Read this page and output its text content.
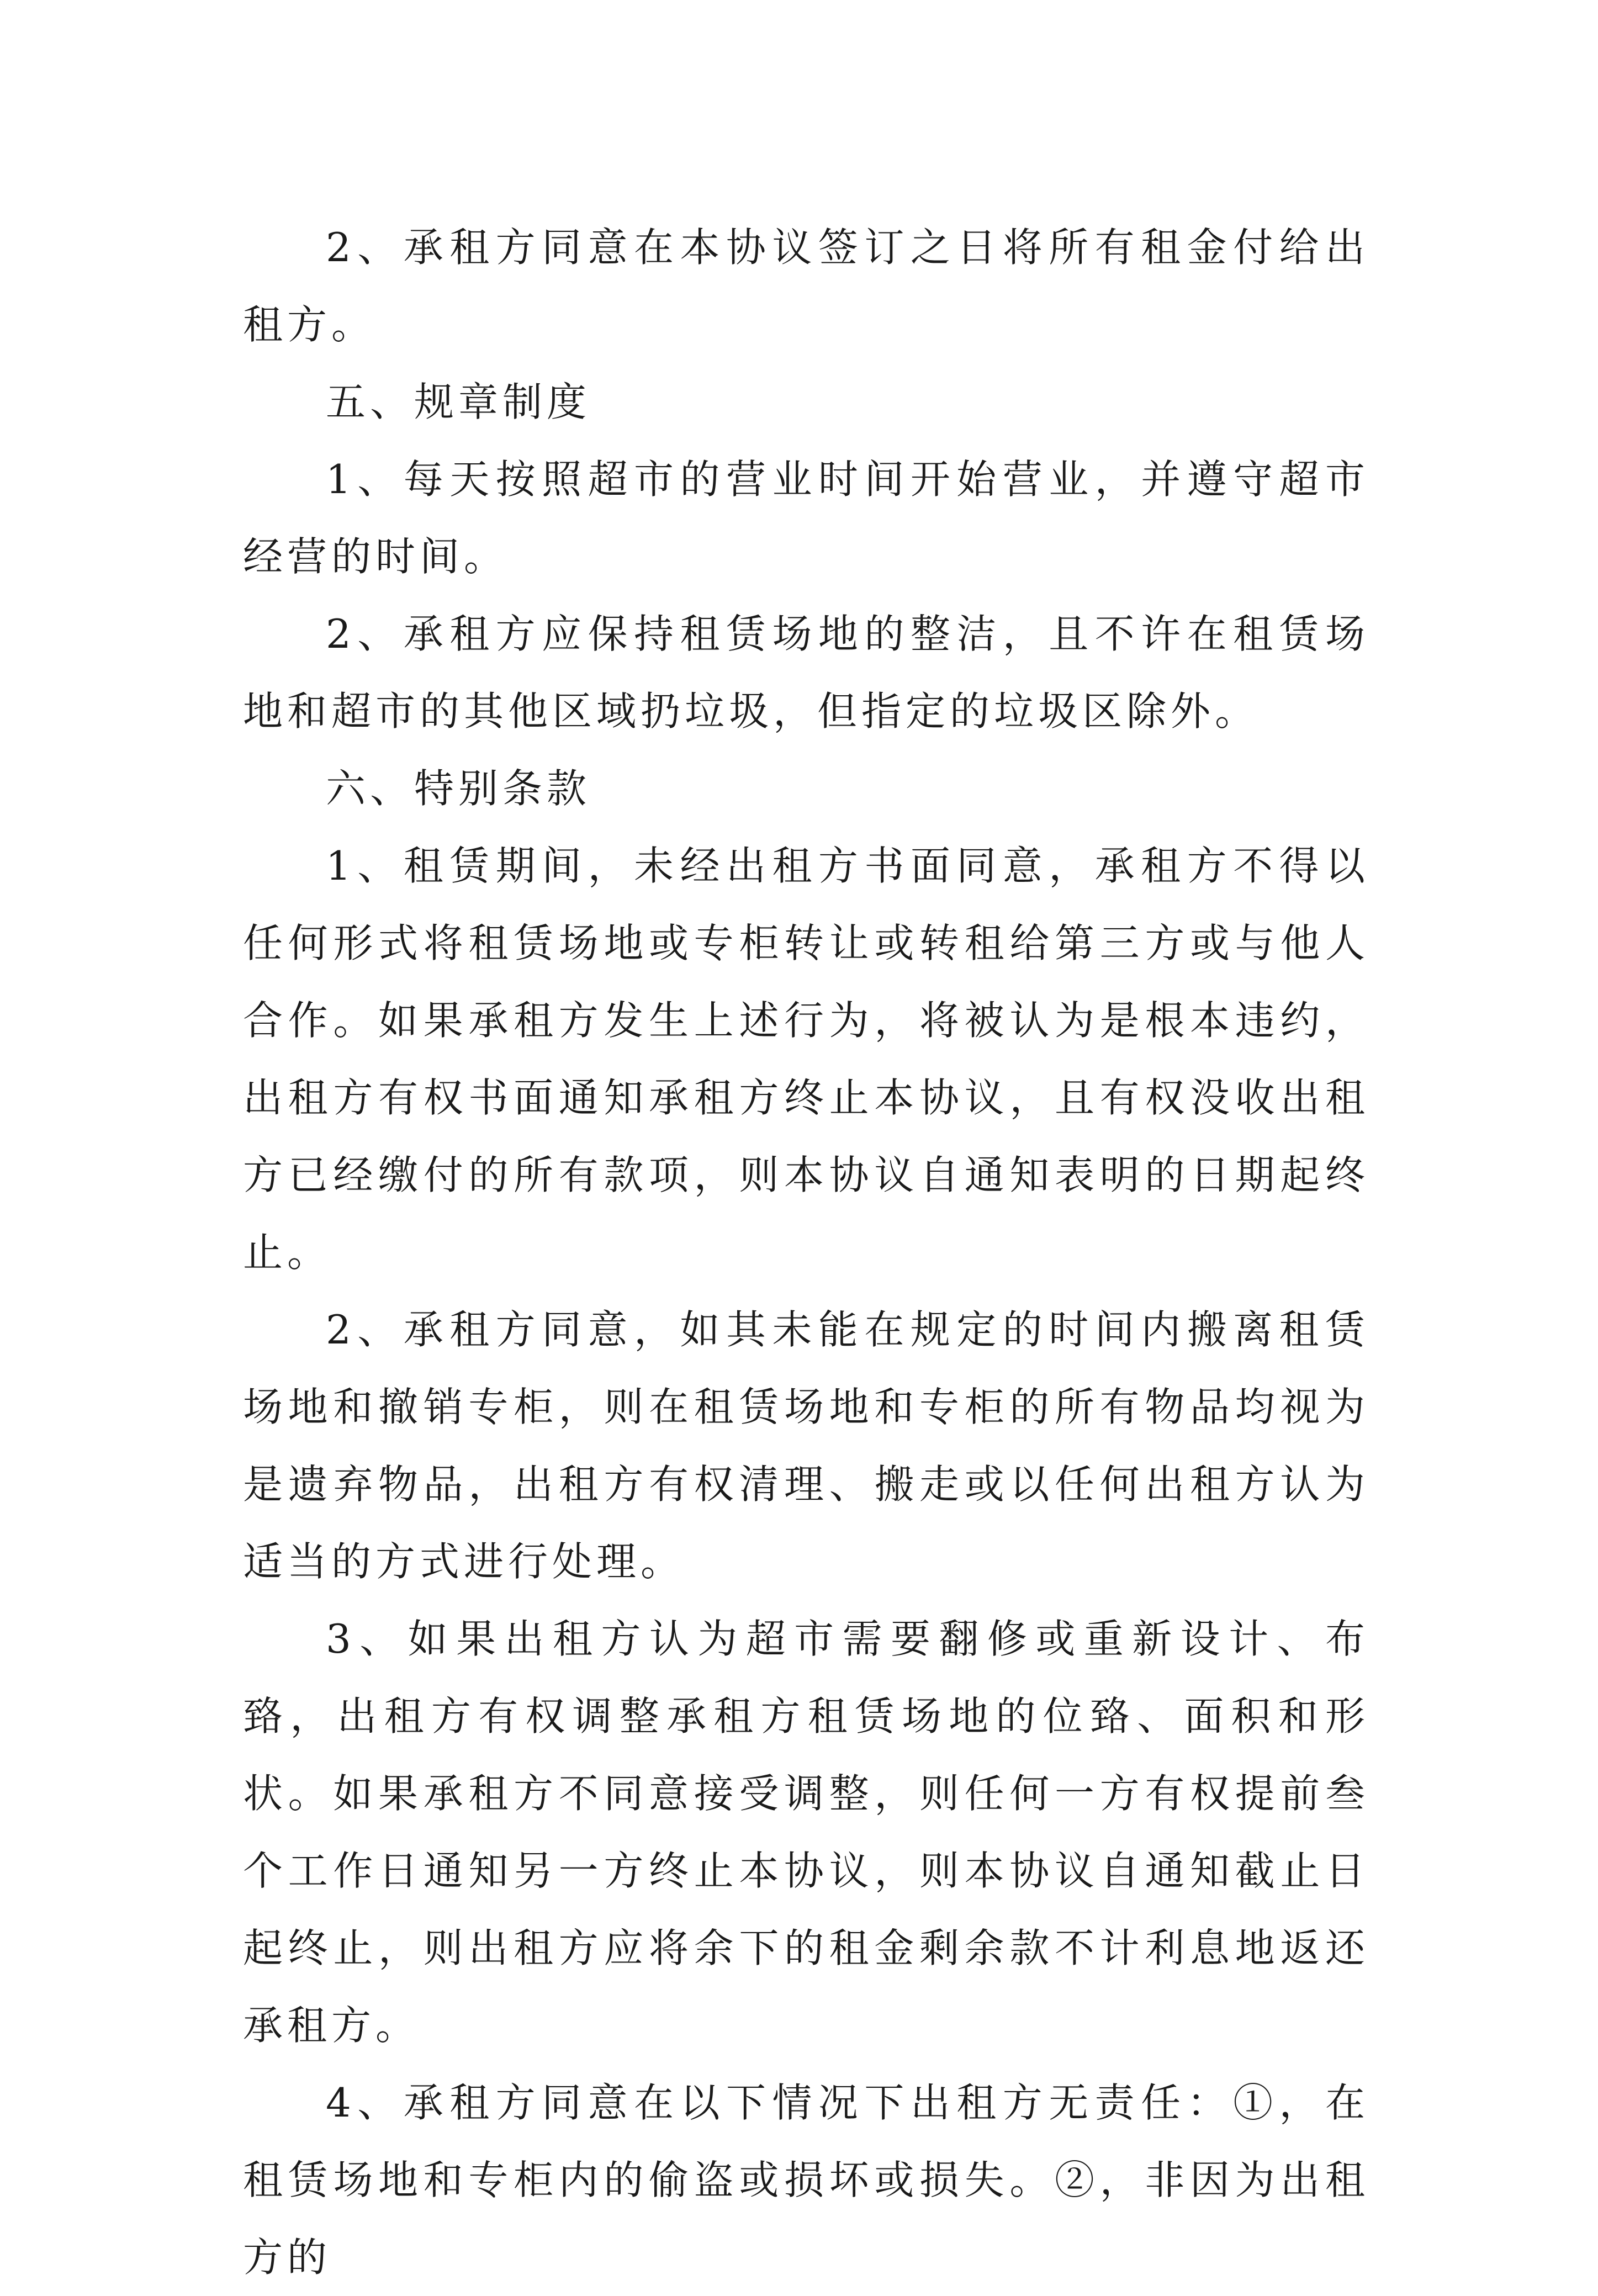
2、承租方同意在本协议签订之日将所有租金付给出租方。

五、规章制度

1、每天按照超市的营业时间开始营业，并遵守超市经营的时间。

2、承租方应保持租赁场地的整洁，且不许在租赁场地和超市的其他区域扔垃圾，但指定的垃圾区除外。

六、特别条款

1、租赁期间，未经出租方书面同意，承租方不得以任何形式将租赁场地或专柜转让或转租给第三方或与他人合作。如果承租方发生上述行为，将被认为是根本违约，出租方有权书面通知承租方终止本协议，且有权没收出租方已经缴付的所有款项，则本协议自通知表明的日期起终止。

2、承租方同意，如其未能在规定的时间内搬离租赁场地和撤销专柜，则在租赁场地和专柜的所有物品均视为是遗弃物品，出租方有权清理、搬走或以任何出租方认为适当的方式进行处理。

3、如果出租方认为超市需要翻修或重新设计、布臵，出租方有权调整承租方租赁场地的位臵、面积和形状。如果承租方不同意接受调整，则任何一方有权提前叁个工作日通知另一方终止本协议，则本协议自通知截止日起终止，则出租方应将余下的租金剩余款不计利息地返还承租方。

4、承租方同意在以下情况下出租方无责任：①，在租赁场地和专柜内的偷盗或损坏或损失。②，非因为出租方的
